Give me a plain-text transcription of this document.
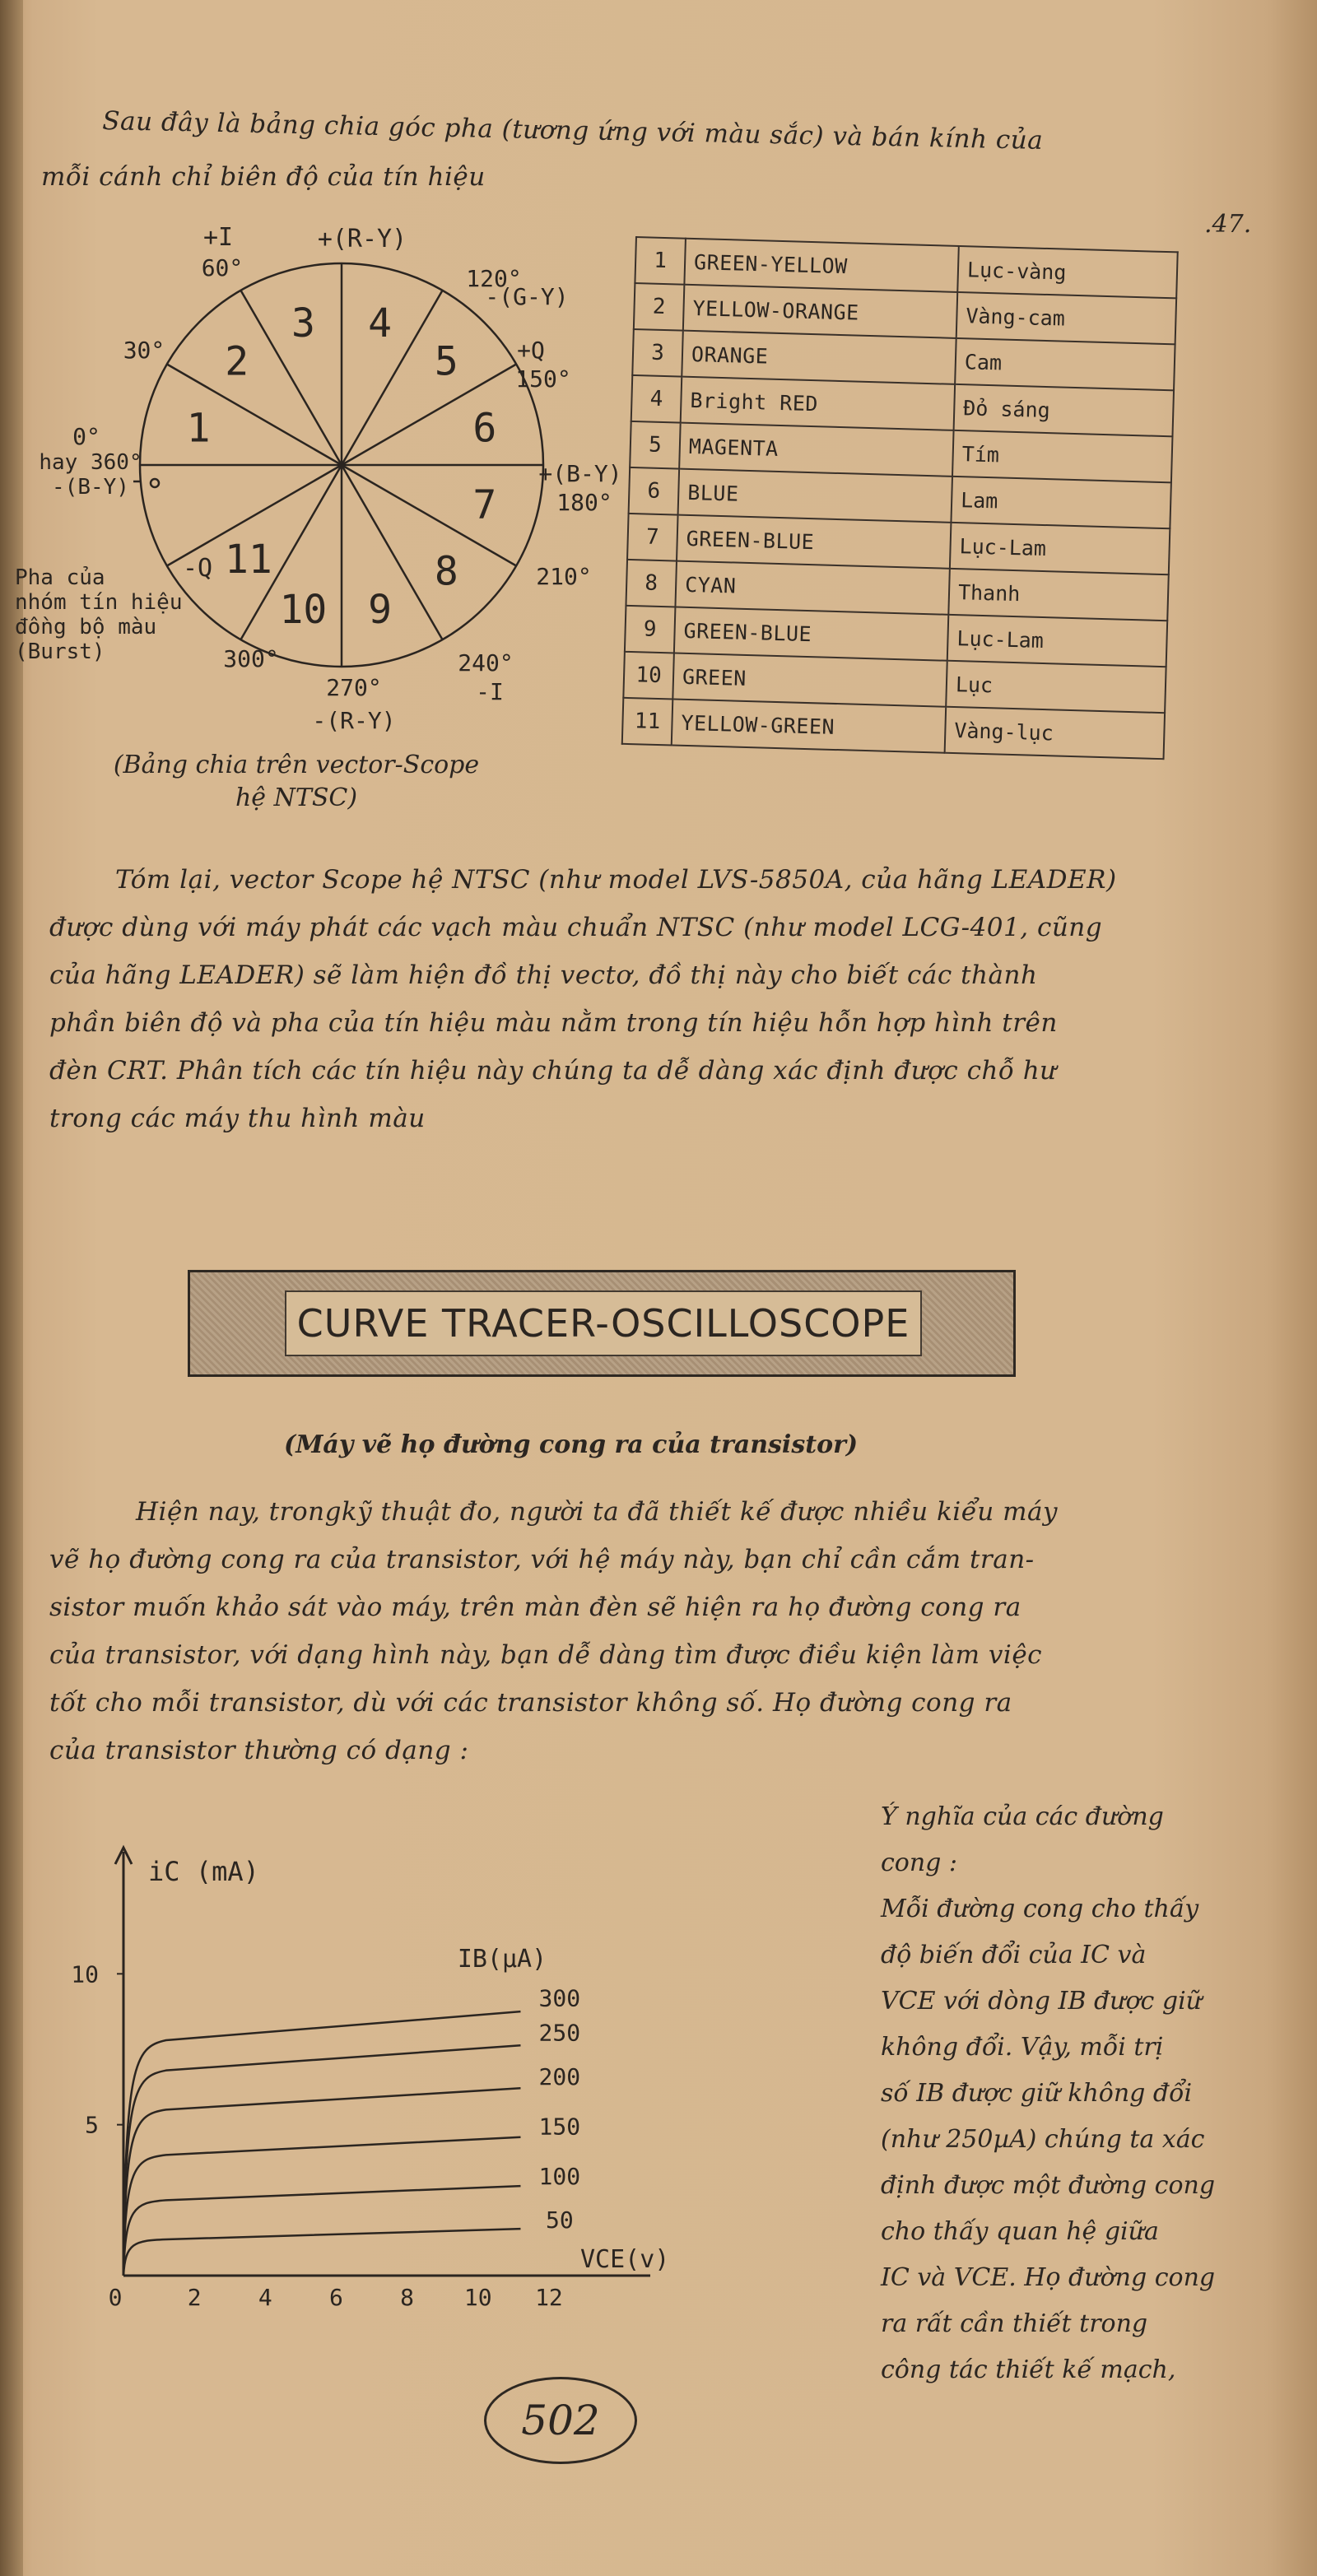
Sau đây là bảng chia góc pha (tương ứng với màu sắc) và bán kính của
mỗi cánh chỉ biên độ của tín hiệu
.47.
1
2
3 4
5
6
7
8
9
10
11
+I
60°
+(R-Y)
120°
-(G-Y)
+Q
150°
+(B-Y)
180°
210°
240°
-I
270°
-(R-Y)
300°
-Q
30°
0°
hay 360°
-(B-Y)
Pha của
nhóm tín hiệu
đồng bộ màu
(Burst)
(Bảng chia trên vector-Scope
hệ NTSC)
1	GREEN-YELLOW	Lục-vàng
2	YELLOW-ORANGE	Vàng-cam
3	ORANGE	Cam
4	Bright RED	Đỏ sáng
5	MAGENTA	Tím
6	BLUE	Lam
7	GREEN-BLUE	Lục-Lam
8	CYAN	Thanh
9	GREEN-BLUE	Lục-Lam
10	GREEN	Lục
11	YELLOW-GREEN	Vàng-lục
Tóm lại, vector Scope hệ NTSC (như model LVS-5850A, của hãng LEADER)
được dùng với máy phát các vạch màu chuẩn NTSC (như model LCG-401, cũng
của hãng LEADER) sẽ làm hiện đồ thị vectơ, đồ thị này cho biết các thành
phần biên độ và pha của tín hiệu màu nằm trong tín hiệu hỗn hợp hình trên
đèn CRT. Phân tích các tín hiệu này chúng ta dễ dàng xác định được chỗ hư
trong các máy thu hình màu
CURVE TRACER-OSCILLOSCOPE
(Máy vẽ họ đường cong ra của transistor)
Hiện nay, trongkỹ thuật đo, người ta đã thiết kế được nhiều kiểu máy
vẽ họ đường cong ra của transistor, với hệ máy này, bạn chỉ cần cắm tran-
sistor muốn khảo sát vào máy, trên màn đèn sẽ hiện ra họ đường cong ra
của transistor, với dạng hình này, bạn dễ dàng tìm được điều kiện làm việc
tốt cho mỗi transistor, dù với các transistor không số. Họ đường cong ra
của transistor thường có dạng :
Ý nghĩa của các đường
cong :
Mỗi đường cong cho thấy
độ biến đổi của IC và
VCE với dòng IB được giữ
không đổi. Vậy, mỗi trị
số IB được giữ không đổi
(như 250µA) chúng ta xác
định được một đường cong
cho thấy quan hệ giữa
IC và VCE. Họ đường cong
ra rất cần thiết trong
công tác thiết kế mạch,
iC (mA)
VCE(v)
IB(µA)
0	2 4 6 8 10 12
5
10
50
100
150
200
250
300
502
